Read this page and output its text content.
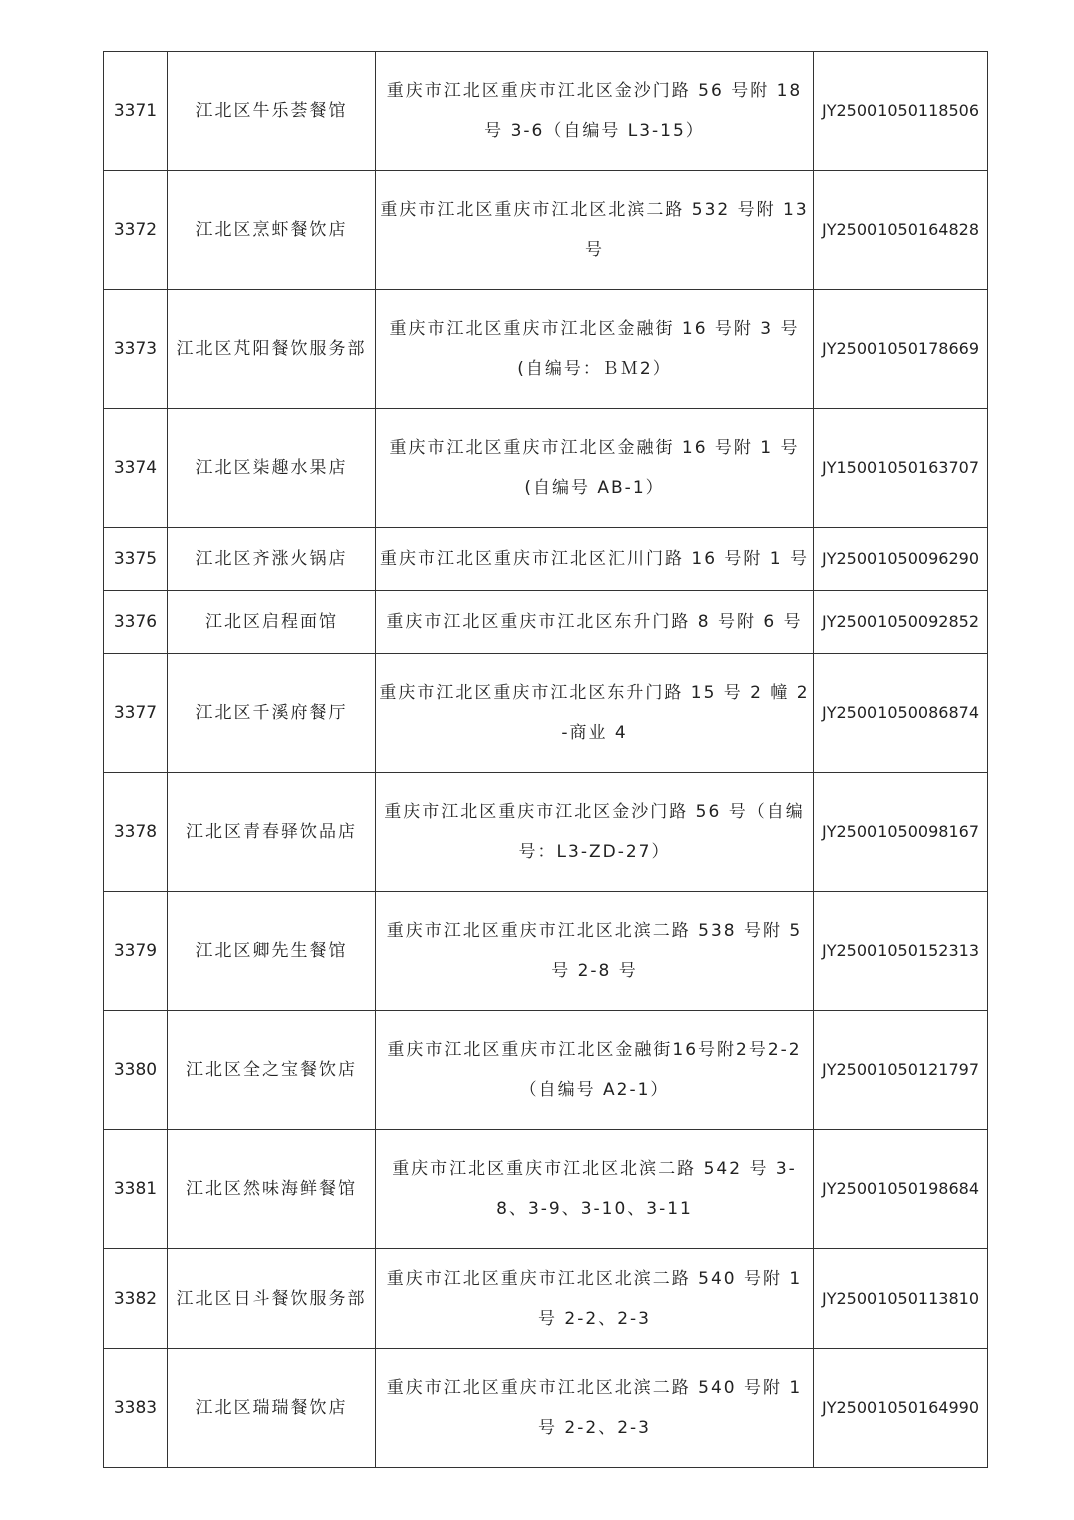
3371	江北区牛乐荟餐馆	重庆市江北区重庆市江北区金沙门路 56 号附 18 号 3-6（自编号 L3-15）	JY25001050118506
3372	江北区烹虾餐饮店	重庆市江北区重庆市江北区北滨二路 532 号附 13 号	JY25001050164828
3373	江北区芃阳餐饮服务部	重庆市江北区重庆市江北区金融街 16 号附 3 号(自编号：ＢＭ2）	JY25001050178669
3374	江北区柒趣水果店	重庆市江北区重庆市江北区金融街 16 号附 1 号(自编号 AB-1）	JY15001050163707
3375	江北区齐涨火锅店	重庆市江北区重庆市江北区汇川门路 16 号附 1 号	JY25001050096290
3376	江北区启程面馆	重庆市江北区重庆市江北区东升门路 8 号附 6 号	JY25001050092852
3377	江北区千溪府餐厅	重庆市江北区重庆市江北区东升门路 15 号 2 幢 2-商业 4	JY25001050086874
3378	江北区青春驿饮品店	重庆市江北区重庆市江北区金沙门路 56 号（自编号：L3-ZD-27）	JY25001050098167
3379	江北区卿先生餐馆	重庆市江北区重庆市江北区北滨二路 538 号附 5 号 2-8 号	JY25001050152313
3380	江北区全之宝餐饮店	重庆市江北区重庆市江北区金融街16号附2号2-2（自编号 A2-1）	JY25001050121797
3381	江北区然味海鲜餐馆	重庆市江北区重庆市江北区北滨二路 542 号 3-8、3-9、3-10、3-11	JY25001050198684
3382	江北区日斗餐饮服务部	重庆市江北区重庆市江北区北滨二路 540 号附 1 号 2-2、2-3	JY25001050113810
3383	江北区瑞瑞餐饮店	重庆市江北区重庆市江北区北滨二路 540 号附 1 号 2-2、2-3	JY25001050164990
